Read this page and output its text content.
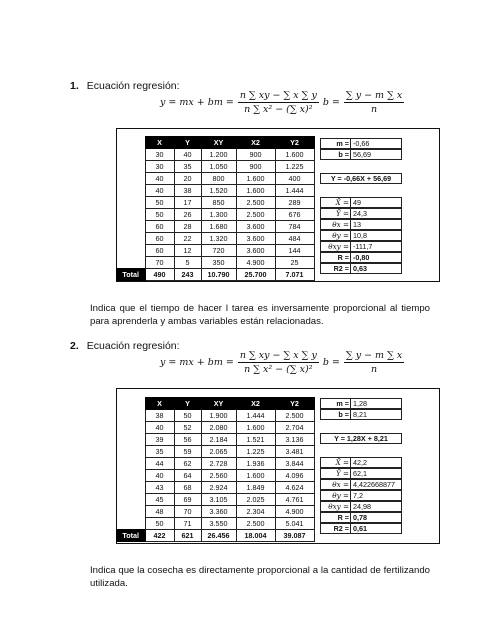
1. Ecuación regresión:
y = mx + bm = $\frac{n \sum xy - \sum x \sum y}{\text{n ∑ x² − (∑ x)²}}$ $b = \frac{\sum y - m \sum x}{n}$
	X	Y	XY	X2	Y2
	30	40	1.200	900	1.600
	30	35	1.050	900	1.225
	40	20	800	1.600	400
	40	38	1.520	1.600	1.444
	50	17	850	2.500	289
	50	26	1.300	2.500	676
	60	28	1.680	3.600	784
	60	22	1.320	3.600	484
	60	12	720	3.600	144
	70	5	350	4.900	25
Total	490	243	10.790	25.700	7.071
m = -0,66
b = 56,69
Y = -0,66X + 56,69
X̄ = 49
Ȳ = 24,3
θx = 13
θy = 10,8
θxy = -111,7
R = -0,80
R2 = 0,63
Indica que el tiempo de hacer l tarea es inversamente proporcional al tiempo para aprenderla y ambas variables están relacionadas.
2. Ecuación regresión:
y = mx + bm = $\frac{n \sum xy - \sum x \sum y}{\text{n ∑ x² − (∑ x)²}}$ $b = \frac{\sum y - m \sum x}{n}$
	X	Y	XY	X2	Y2
	38	50	1.900	1.444	2.500
	40	52	2.080	1.600	2.704
	39	56	2.184	1.521	3.136
	35	59	2.065	1.225	3.481
	44	62	2.728	1.936	3.844
	40	64	2.560	1.600	4.096
	43	68	2.924	1.849	4.624
	45	69	3.105	2.025	4.761
	48	70	3.360	2.304	4.900
	50	71	3.550	2.500	5.041
Total	422	621	26.456	18.004	39.087
m = 1,28
b = 8,21
Y = 1,28X + 8,21
X̄ = 42,2
Ȳ = 62,1
θx = 4,422668877
θy = 7,2
θxy = 24,98
R = 0,78
R2 = 0,61
Indica que la cosecha es directamente proporcional a la cantidad de fertilizando utilizada.
